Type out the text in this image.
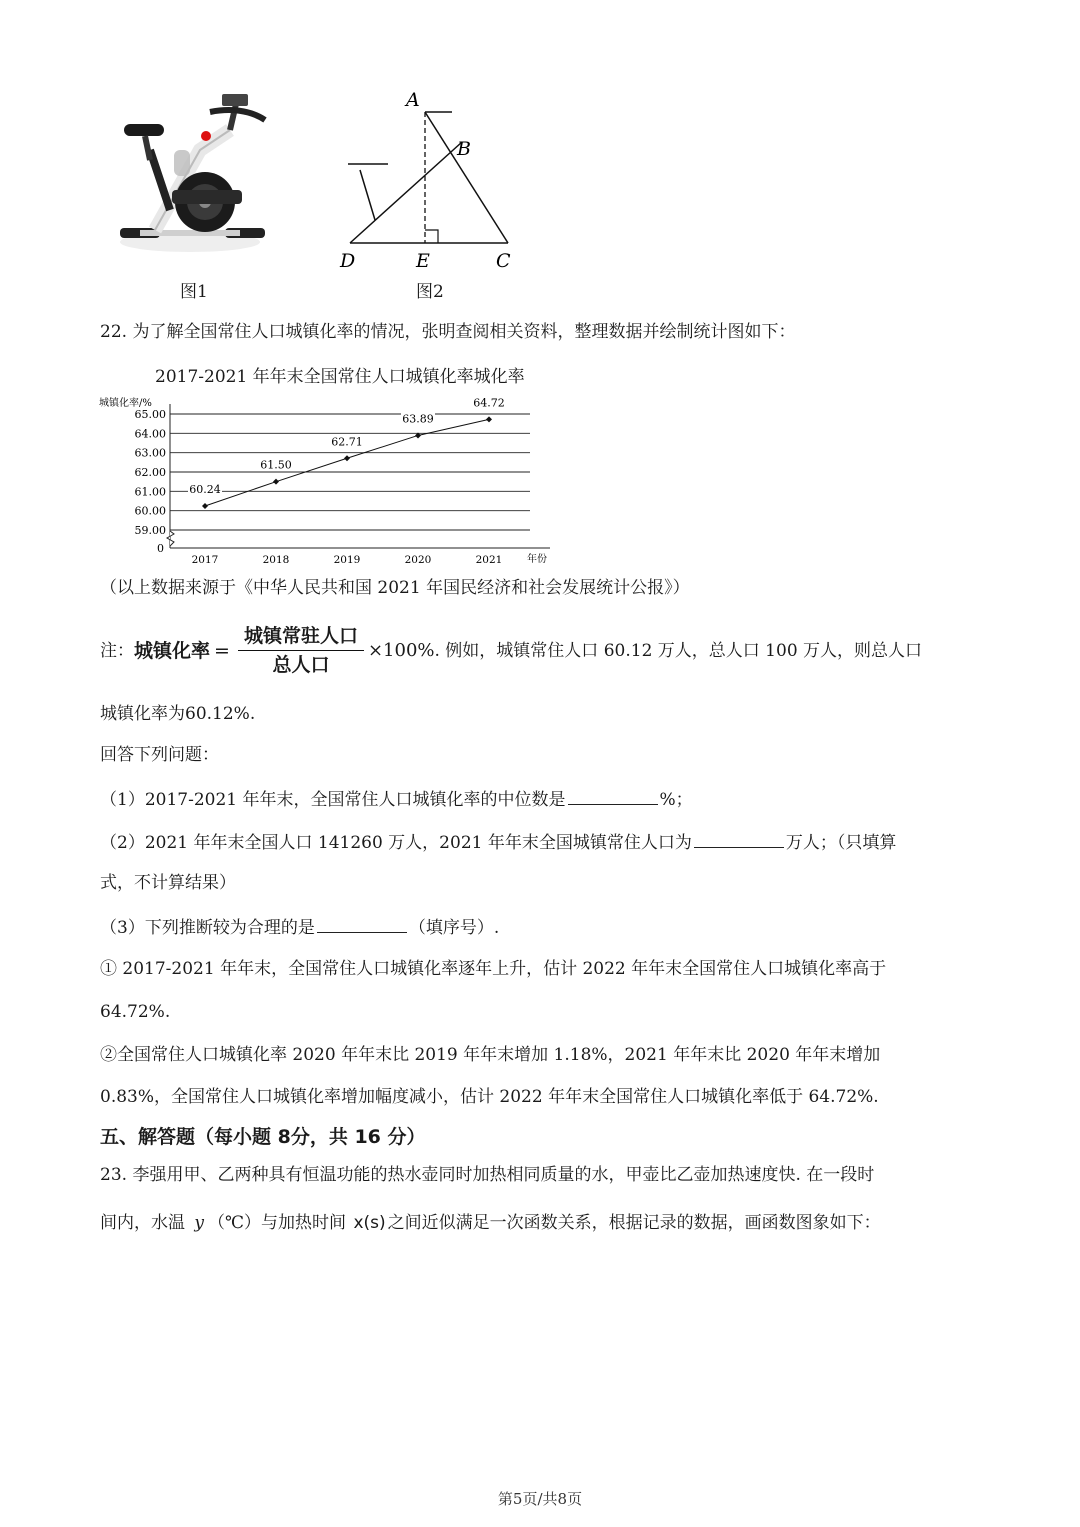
图1
A
B
C
D	E
图2
22. 为了解全国常住人口城镇化率的情况，张明查阅相关资料，整理数据并绘制统计图如下：
2017-2021 年年末全国常住人口城镇化率城化率
城镇化率/%
年份
65.00
64.00
63.00
62.00
61.00
60.00
59.00
0
2017	2018	2019	2020	2021
60.24
61.50
62.71
63.89
64.72
（以上数据来源于《中华人民共和国 2021 年国民经济和社会发展统计公报》）
注： 城镇化率 = $\frac{\text{城镇常驻人口}}{\text{总人口}} \times 100\%$ . 例如，城镇常住人口 60.12 万人，总人口 100 万人，则总人口
城镇化率为60.12%.
回答下列问题：
（1）2017-2021 年年末，全国常住人口城镇化率的中位数是	%；
（2）2021 年年末全国人口 141260 万人，2021 年年末全国城镇常住人口为	万人；（只填算
式，不计算结果）
（3）下列推断较为合理的是	（填序号）.
① 2017-2021 年年末，全国常住人口城镇化率逐年上升，估计 2022 年年末全国常住人口城镇化率高于
64.72%.
②全国常住人口城镇化率 2020 年年末比 2019 年年末增加 1.18%，2021 年年末比 2020 年年末增加
0.83%，全国常住人口城镇化率增加幅度减小，估计 2022 年年末全国常住人口城镇化率低于 64.72%.
五、解答题（每小题 8分，共 16 分）
23. 李强用甲、乙两种具有恒温功能的热水壶同时加热相同质量的水，甲壶比乙壶加热速度快. 在一段时
间内，水温 y （℃）与加热时间 x(s) 之间近似满足一次函数关系，根据记录的数据，画函数图象如下：
第5页/共8页
